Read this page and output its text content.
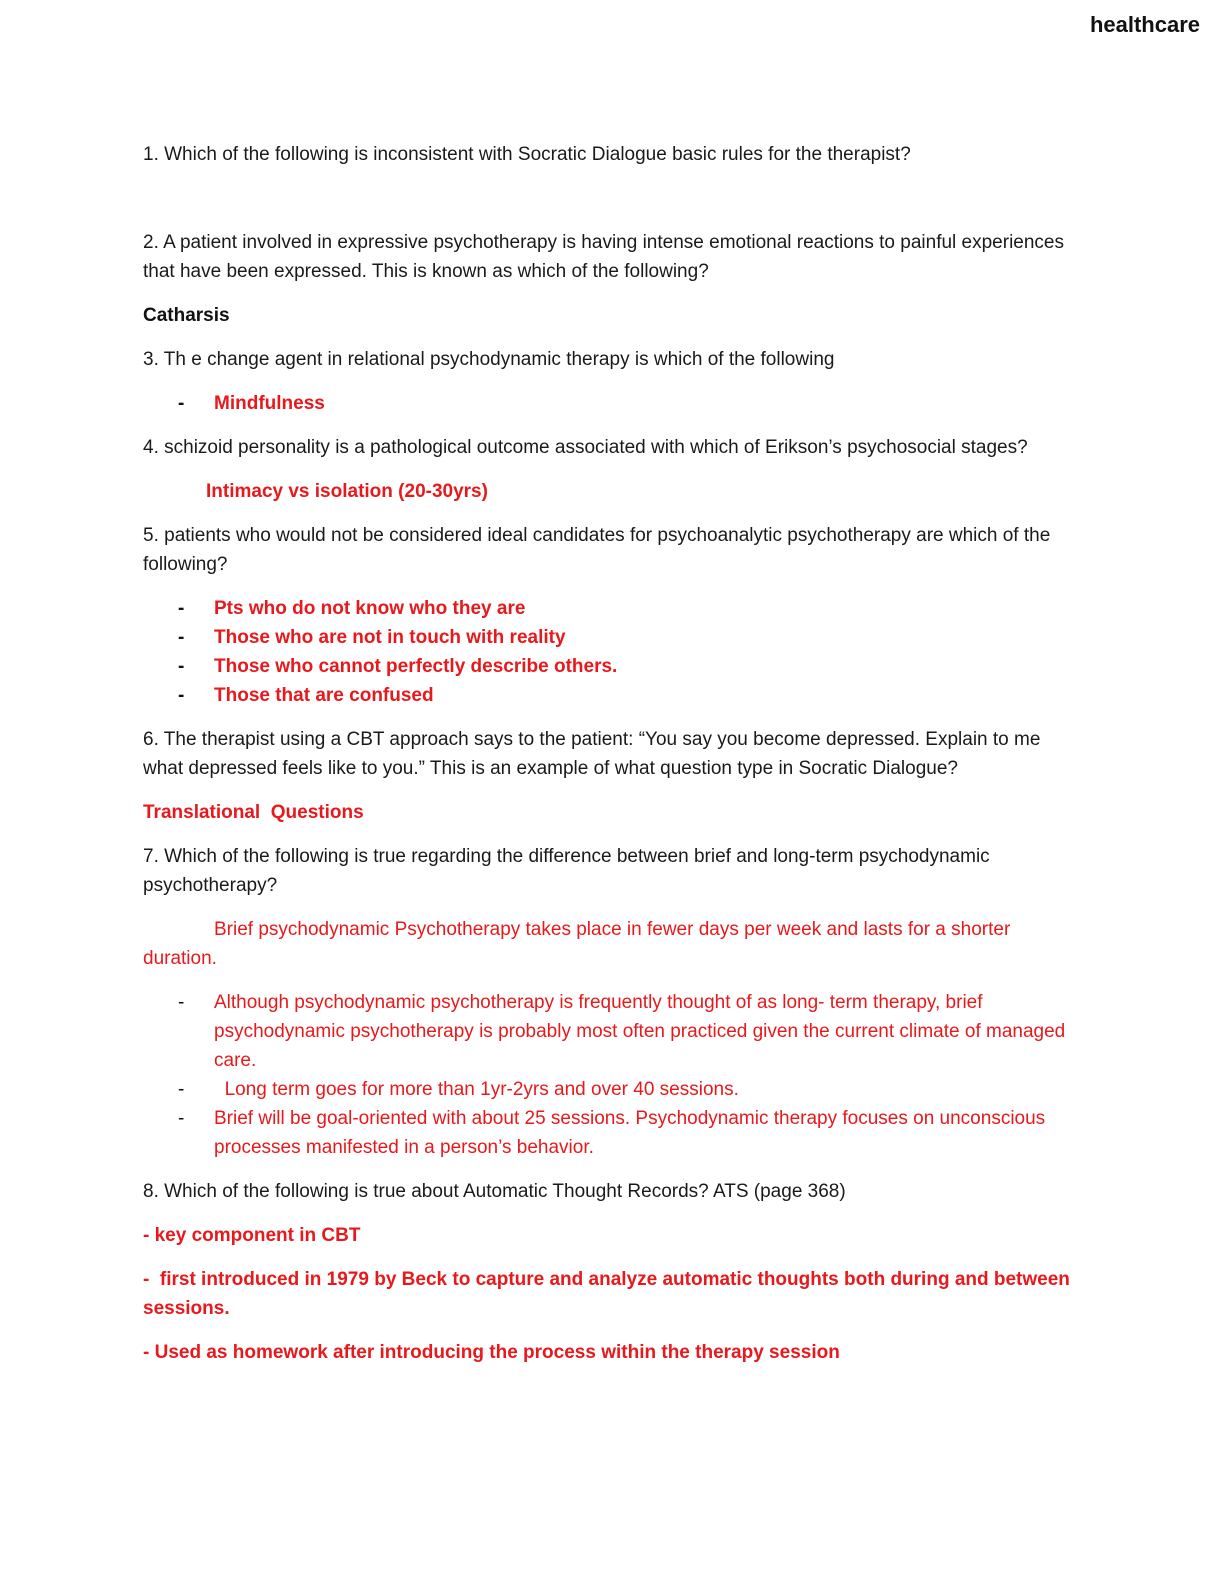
healthcare

1. Which of the following is inconsistent with Socratic Dialogue basic rules for the therapist?

2. A patient involved in expressive psychotherapy is having intense emotional reactions to painful experiences that have been expressed. This is known as which of the following?

Catharsis

3. Th e change agent in relational psychodynamic therapy is which of the following

- Mindfulness

4. schizoid personality is a pathological outcome associated with which of Erikson’s psychosocial stages?

Intimacy vs isolation (20-30yrs)

5. patients who would not be considered ideal candidates for psychoanalytic psychotherapy are which of the following?

- Pts who do not know who they are
- Those who are not in touch with reality
- Those who cannot perfectly describe others.
- Those that are confused

6. The therapist using a CBT approach says to the patient: “You say you become depressed. Explain to me what depressed feels like to you.” This is an example of what question type in Socratic Dialogue?

Translational  Questions

7. Which of the following is true regarding the difference between brief and long-term psychodynamic psychotherapy?

Brief psychodynamic Psychotherapy takes place in fewer days per week and lasts for a shorter duration.

- Although psychodynamic psychotherapy is frequently thought of as long- term therapy, brief psychodynamic psychotherapy is probably most often practiced given the current climate of managed care.
- Long term goes for more than 1yr-2yrs and over 40 sessions.
- Brief will be goal-oriented with about 25 sessions. Psychodynamic therapy focuses on unconscious processes manifested in a person’s behavior.

8. Which of the following is true about Automatic Thought Records? ATS (page 368)

- key component in CBT

-  first introduced in 1979 by Beck to capture and analyze automatic thoughts both during and between sessions.

- Used as homework after introducing the process within the therapy session
